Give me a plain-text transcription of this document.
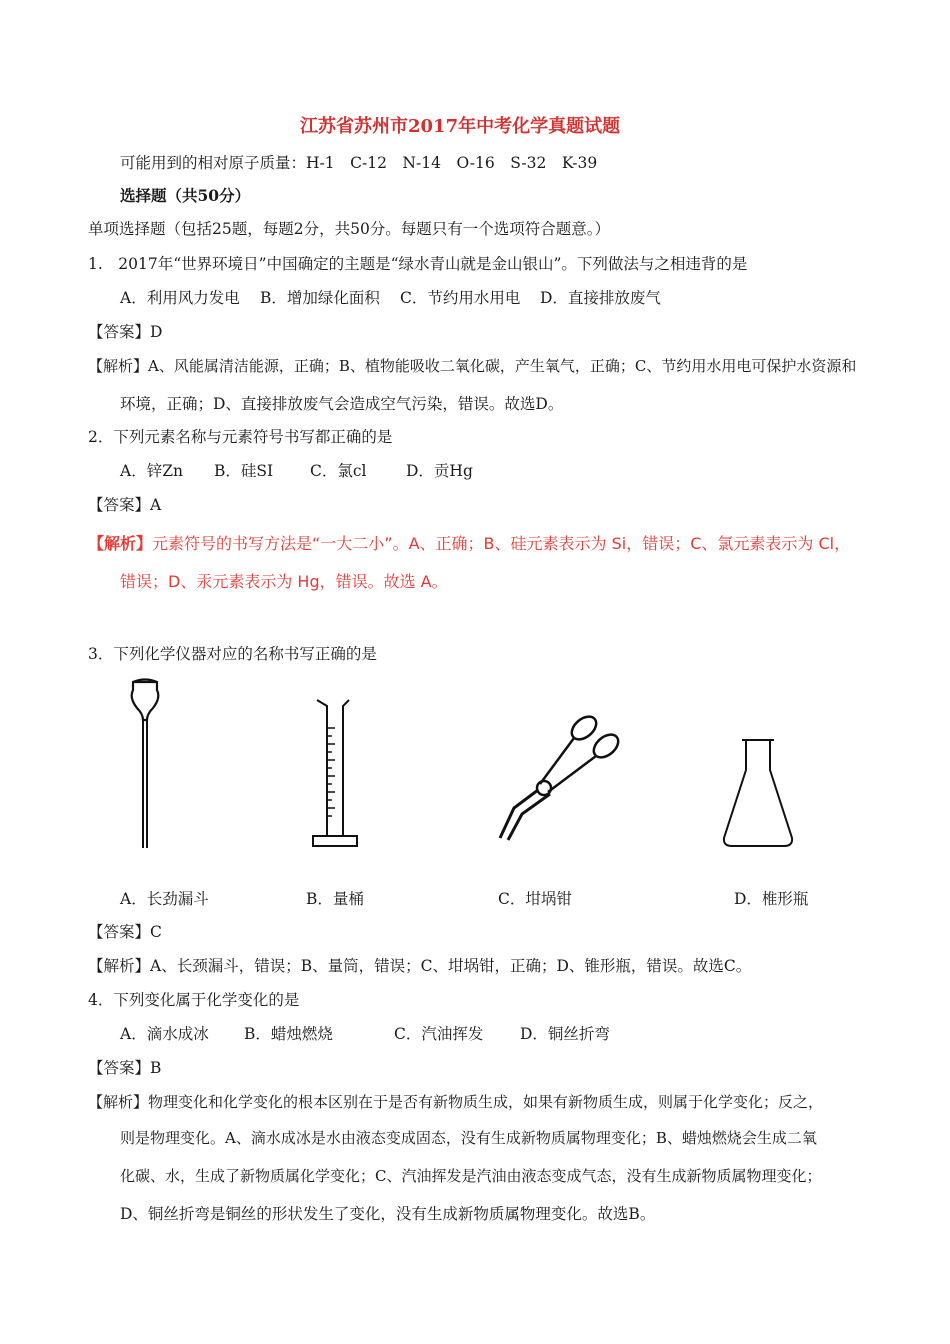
江苏省苏州市2017年中考化学真题试题
可能用到的相对原子质量：H-1　C-12　N-14　O-16　S-32　K-39
选择题（共50分）
单项选择题（包括25题，每题2分，共50分。每题只有一个选项符合题意。）
1.　2017年“世界环境日”中国确定的主题是“绿水青山就是金山银山”。下列做法与之相违背的是
A．利用风力发电 B．增加绿化面积 C．节约用水用电 D．直接排放废气
【答案】D
【解析】A、风能属清洁能源，正确；B、植物能吸收二氧化碳，产生氧气，正确；C、节约用水用电可保护水资源和
环境，正确；D、直接排放废气会造成空气污染，错误。故选D。
2．下列元素名称与元素符号书写都正确的是
A．锌Zn B．硅SI C．氯cl	D．贡Hg
【答案】A
【解析】元素符号的书写方法是“一大二小”。A、正确；B、硅元素表示为 Si，错误；C、氯元素表示为 Cl，
错误；D、汞元素表示为 Hg，错误。故选 A。
3．下列化学仪器对应的名称书写正确的是
A．长劲漏斗	B．量桶	C．坩埚钳	D．椎形瓶
【答案】C
【解析】A、长颈漏斗，错误；B、量筒，错误；C、坩埚钳，正确；D、锥形瓶，错误。故选C。
4．下列变化属于化学变化的是
A．滴水成冰 B．蜡烛燃烧	C．汽油挥发 D．铜丝折弯
【答案】B
【解析】物理变化和化学变化的根本区别在于是否有新物质生成，如果有新物质生成，则属于化学变化；反之，
则是物理变化。A、滴水成冰是水由液态变成固态，没有生成新物质属物理变化；B、蜡烛燃烧会生成二氧
化碳、水，生成了新物质属化学变化；C、汽油挥发是汽油由液态变成气态，没有生成新物质属物理变化；
D、铜丝折弯是铜丝的形状发生了变化，没有生成新物质属物理变化。故选B。
